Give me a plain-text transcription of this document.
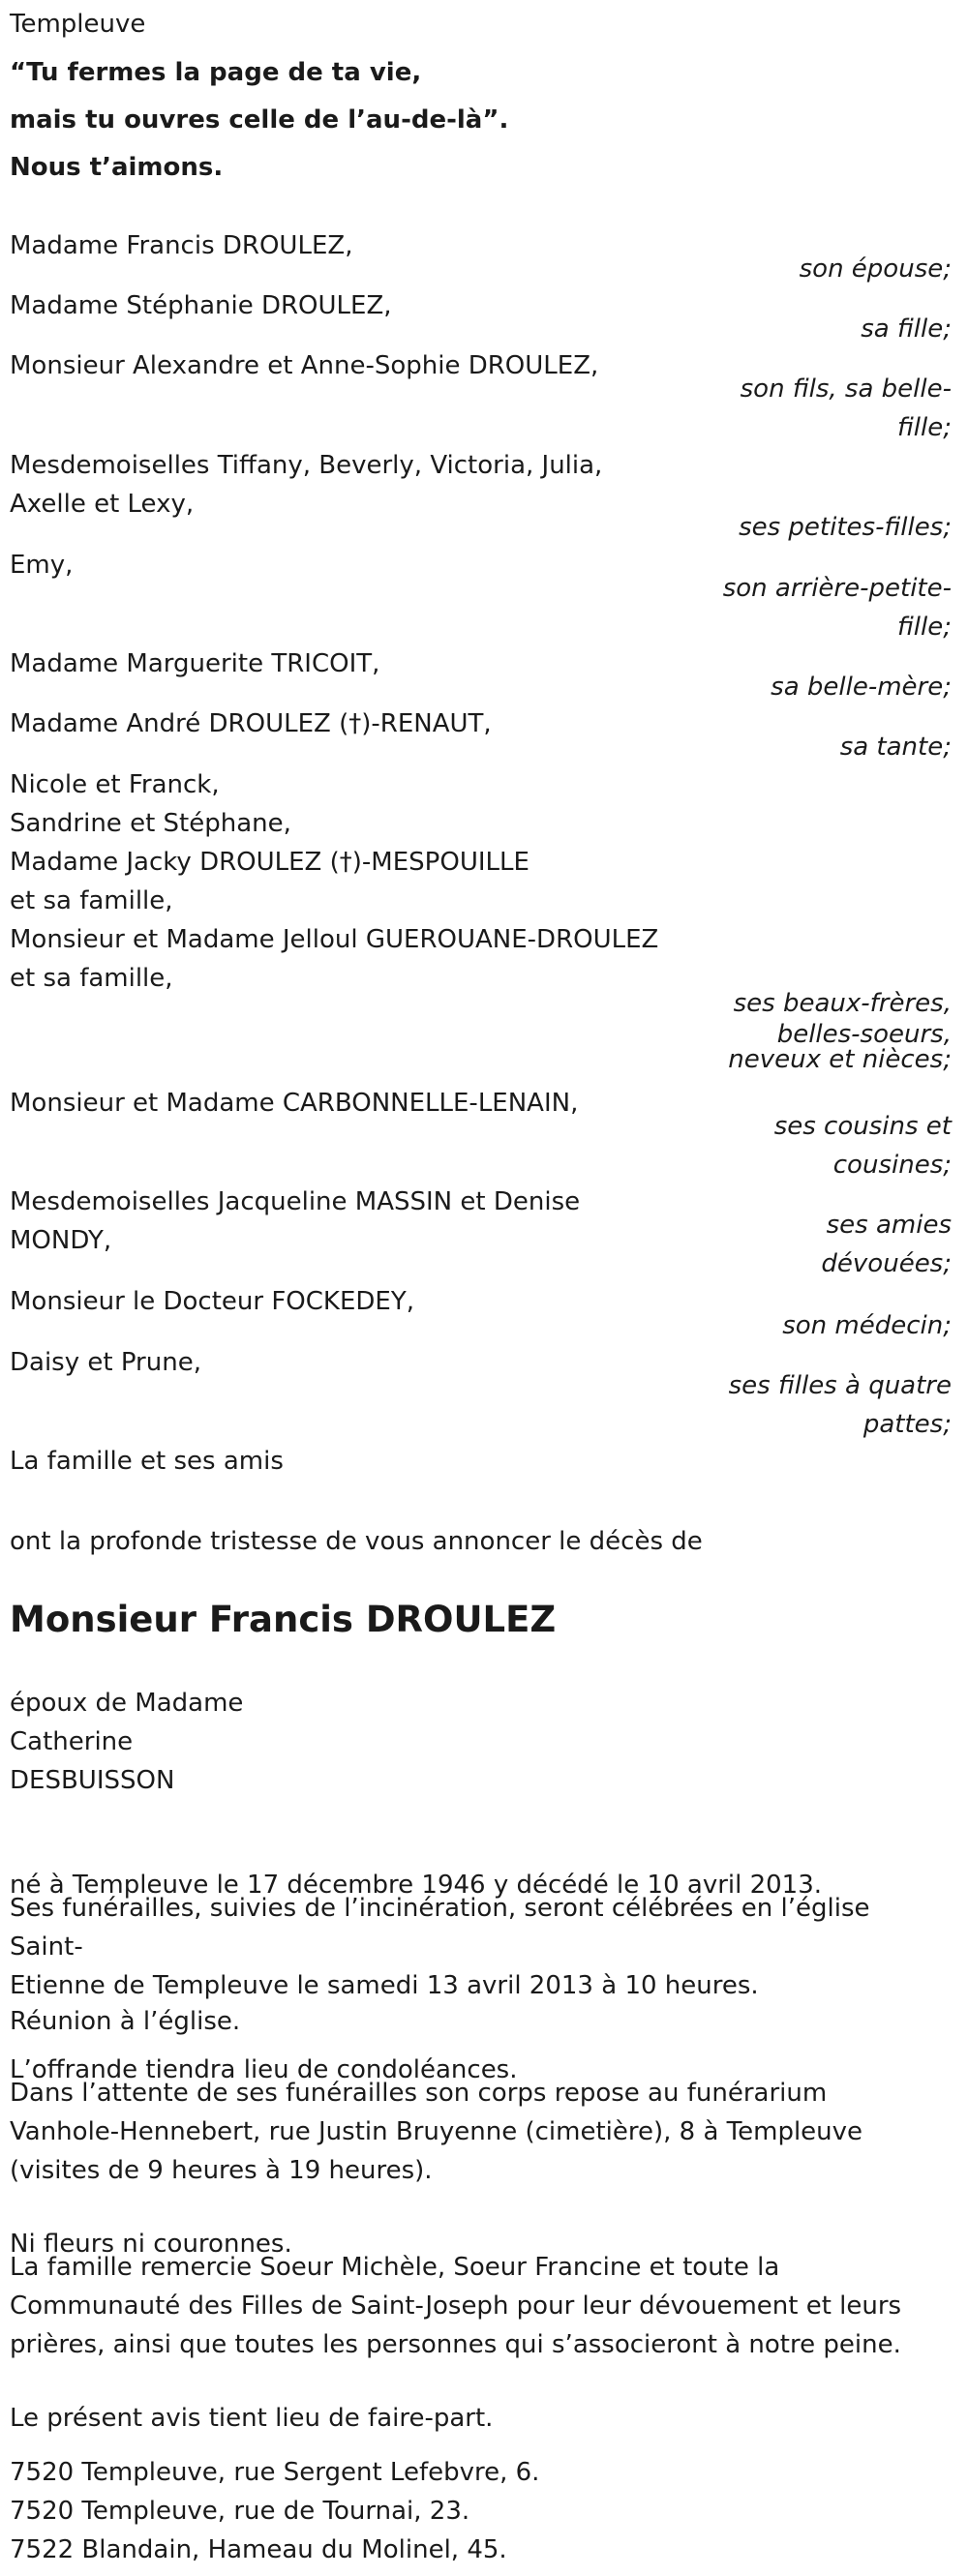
Templeuve

“Tu fermes la page de ta vie,

mais tu ouvres celle de l’au-de-là”.

Nous t’aimons.

Madame Francis DROULEZ,
son épouse;
Madame Stéphanie DROULEZ,
sa fille;
Monsieur Alexandre et Anne-Sophie DROULEZ,
son fils, sa belle-
fille;
Mesdemoiselles Tiffany, Beverly, Victoria, Julia,
Axelle et Lexy,
ses petites-filles;
Emy,
son arrière-petite-
fille;
Madame Marguerite TRICOIT,
sa belle-mère;
Madame André DROULEZ (†)-RENAUT,
sa tante;
Nicole et Franck,
Sandrine et Stéphane,
Madame Jacky DROULEZ (†)-MESPOUILLE
et sa famille,
Monsieur et Madame Jelloul GUEROUANE-DROULEZ
et sa famille,
ses beaux-frères,
belles-soeurs,
neveux et nièces;
Monsieur et Madame CARBONNELLE-LENAIN,
ses cousins et
cousines;
Mesdemoiselles Jacqueline MASSIN et Denise MONDY,
ses amies
dévouées;
Monsieur le Docteur FOCKEDEY,
son médecin;
Daisy et Prune,
ses filles à quatre
pattes;

La famille et ses amis

ont la profonde tristesse de vous annoncer le décès de

Monsieur Francis DROULEZ
époux de Madame
Catherine
DESBUISSON

né à Templeuve le 17 décembre 1946 y décédé le 10 avril 2013.

Ses funérailles, suivies de l’incinération, seront célébrées en l’église Saint-
Etienne de Templeuve le samedi 13 avril 2013 à 10 heures.

Réunion à l’église.

L’offrande tiendra lieu de condoléances.

Dans l’attente de ses funérailles son corps repose au funérarium
Vanhole-Hennebert, rue Justin Bruyenne (cimetière), 8 à Templeuve
(visites de 9 heures à 19 heures).

Ni fleurs ni couronnes.

La famille remercie Soeur Michèle, Soeur Francine et toute la
Communauté des Filles de Saint-Joseph pour leur dévouement et leurs
prières, ainsi que toutes les personnes qui s’associeront à notre peine.

Le présent avis tient lieu de faire-part.

7520 Templeuve, rue Sergent Lefebvre, 6.
7520 Templeuve, rue de Tournai, 23.
7522 Blandain, Hameau du Molinel, 45.
